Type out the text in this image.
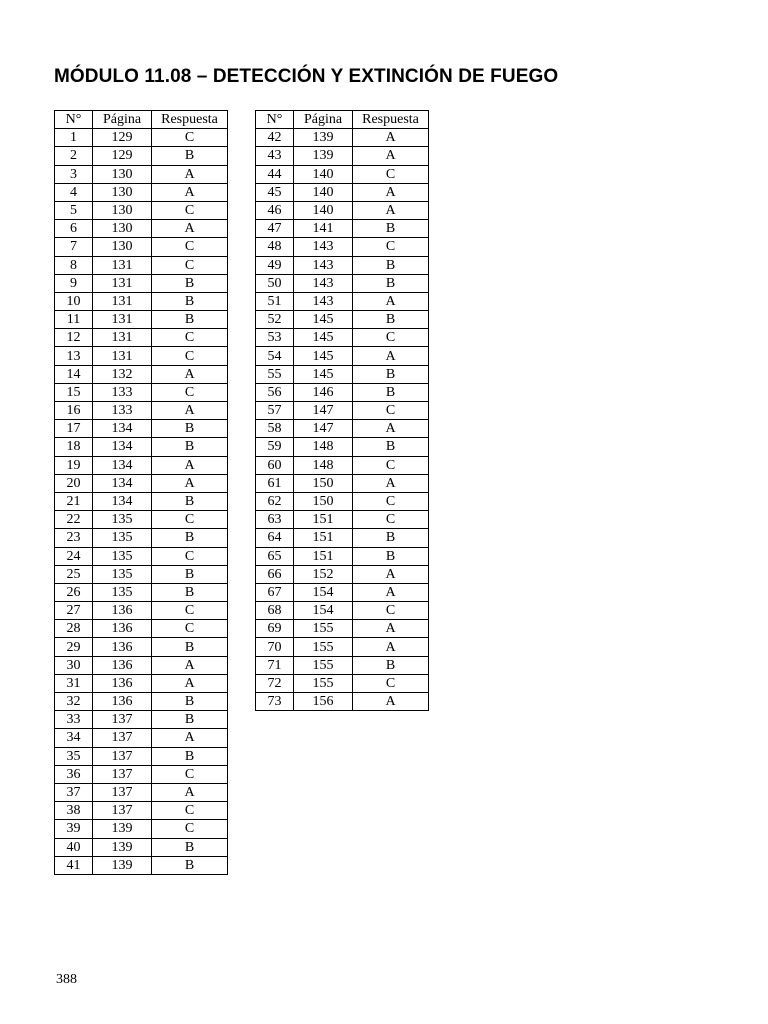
MÓDULO 11.08 – DETECCIÓN Y EXTINCIÓN DE FUEGO
N°	Página	Respuesta
1	129	C
2	129	B
3	130	A
4	130	A
5	130	C
6	130	A
7	130	C
8	131	C
9	131	B
10	131	B
11	131	B
12	131	C
13	131	C
14	132	A
15	133	C
16	133	A
17	134	B
18	134	B
19	134	A
20	134	A
21	134	B
22	135	C
23	135	B
24	135	C
25	135	B
26	135	B
27	136	C
28	136	C
29	136	B
30	136	A
31	136	A
32	136	B
33	137	B
34	137	A
35	137	B
36	137	C
37	137	A
38	137	C
39	139	C
40	139	B
41	139	B
N°	Página	Respuesta
42	139	A
43	139	A
44	140	C
45	140	A
46	140	A
47	141	B
48	143	C
49	143	B
50	143	B
51	143	A
52	145	B
53	145	C
54	145	A
55	145	B
56	146	B
57	147	C
58	147	A
59	148	B
60	148	C
61	150	A
62	150	C
63	151	C
64	151	B
65	151	B
66	152	A
67	154	A
68	154	C
69	155	A
70	155	A
71	155	B
72	155	C
73	156	A
388
